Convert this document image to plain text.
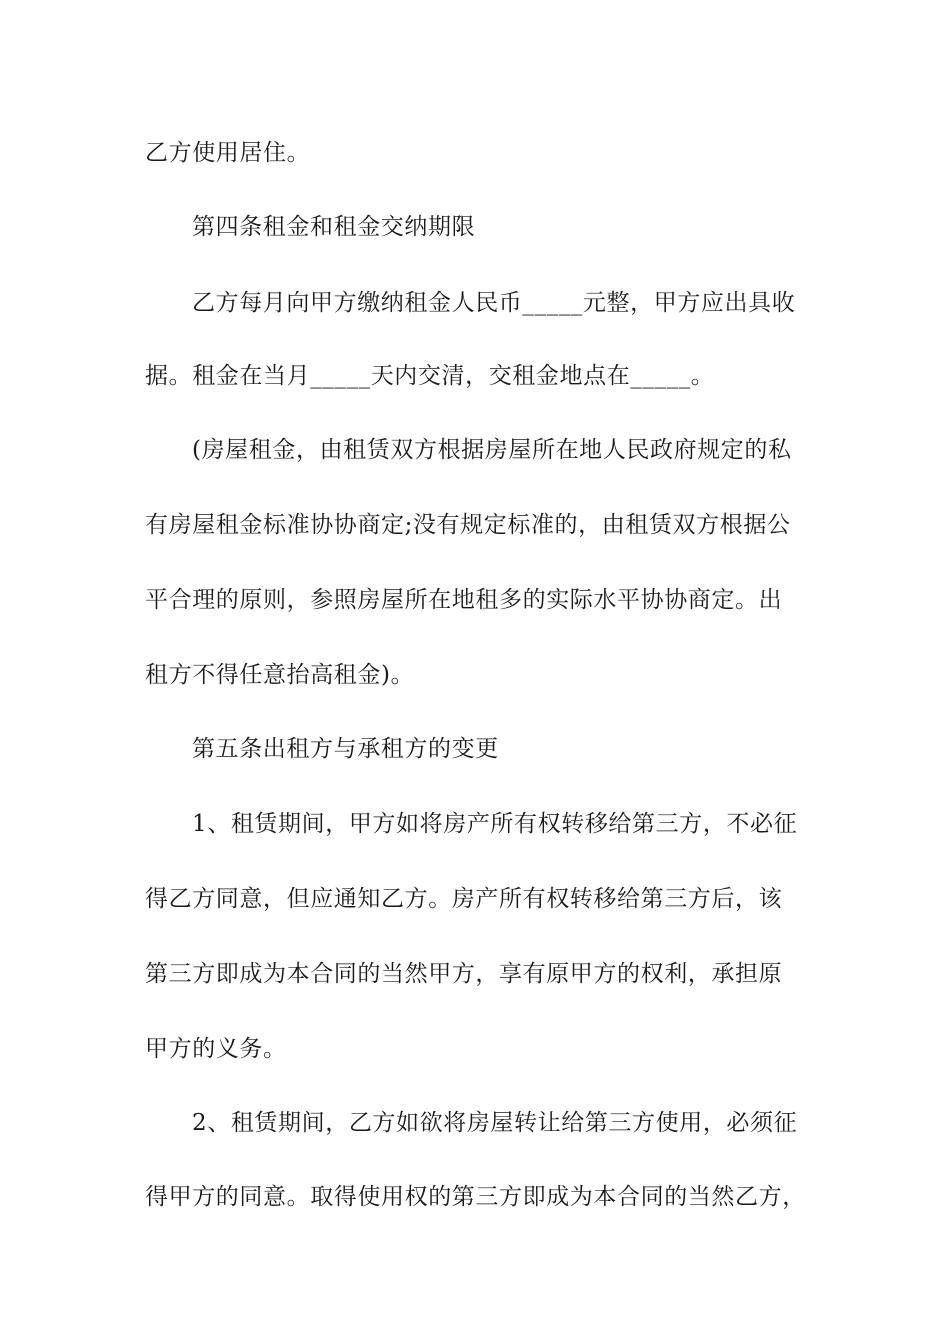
乙方使用居住。
第四条租金和租金交纳期限
乙方每月向甲方缴纳租金人民币_____元整，甲方应出具收
据。租金在当月_____天内交清，交租金地点在_____。
(房屋租金，由租赁双方根据房屋所在地人民政府规定的私
有房屋租金标准协协商定;没有规定标准的，由租赁双方根据公
平合理的原则，参照房屋所在地租多的实际水平协协商定。出
租方不得任意抬高租金)。
第五条出租方与承租方的变更
1、租赁期间，甲方如将房产所有权转移给第三方，不必征
得乙方同意，但应通知乙方。房产所有权转移给第三方后，该
第三方即成为本合同的当然甲方，享有原甲方的权利，承担原
甲方的义务。
2、租赁期间，乙方如欲将房屋转让给第三方使用，必须征
得甲方的同意。取得使用权的第三方即成为本合同的当然乙方，
